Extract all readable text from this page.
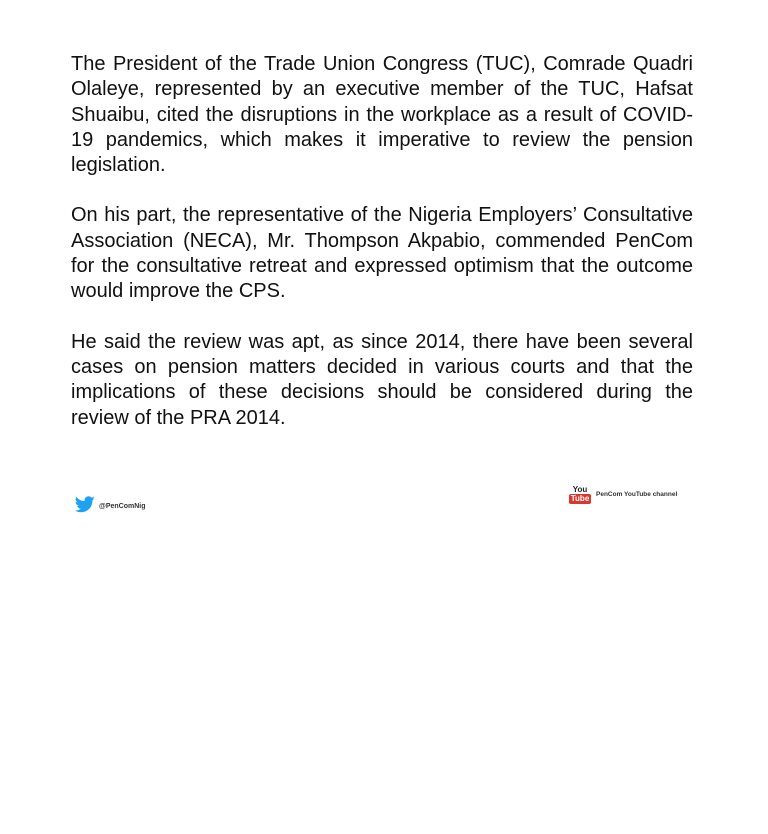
The President of the Trade Union Congress (TUC), Comrade Quadri Olaleye, represented by an executive member of the TUC, Hafsat Shuaibu, cited the disruptions in the workplace as a result of COVID-19 pandemics, which makes it imperative to review the pension legislation.

On his part, the representative of the Nigeria Employers’ Consultative Association (NECA), Mr. Thompson Akpabio, commended PenCom for the consultative retreat and expressed optimism that the outcome would improve the CPS.

He said the review was apt, as since 2014, there have been several cases on pension matters decided in various courts and that the implications of these decisions should be considered during the review of the PRA 2014.

@PenComNig
You
Tube	PenCom YouTube channel
